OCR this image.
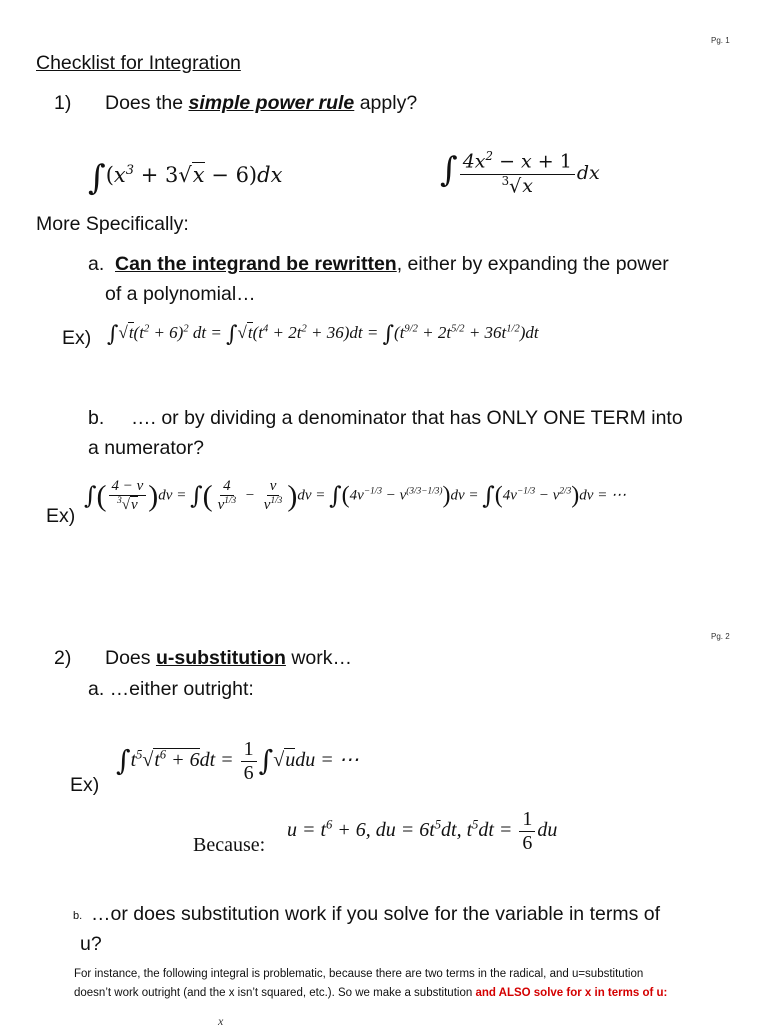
Pg. 1
Checklist for Integration
1) Does the simple power rule apply?
$\int(x^3 + 3√x - 6)dx$	∫ $\frac{4x^2 - x + 1}{^3√x}$ dx
More Specifically:
a. Can the integrand be rewritten, either by expanding the power
of a polynomial…
Ex) $\int√t(t^2 + 6)^2$ dt = $\int√t(t^4 + 2t^2 + 36)dt = \int(t^{9/2} + 2t^{5/2} + 36t^{1/2})dt$
b. …. or by dividing a denominator that has ONLY ONE TERM into
a numerator?
Ex)
∫( $\frac{4 - v}{^3√v} )dv$ = ∫( $\frac{4}{v^{1/3}} - \frac{v}{v^{1/3}} )dv = \int(4v^{-1/3} - v^{(3/3-1/3)})dv = \int(4v^{-1/3} - v^{2/3})dv$ = ⋯
Pg. 2
2) Does u-substitution work…
a. …either outright:
Ex)
$\int t^5√t^6 + 6dt = \frac{1}{6} \int√udu$ = ⋯
Because:
$u = t^6 + 6$, du = $6t^5dt$, $t^5dt = \frac{1}{6}$ du
b. …or does substitution work if you solve for the variable in terms of
u?
For instance, the following integral is problematic, because there are two terms in the radical, and u=substitution
doesn’t work outright (and the x isn’t squared, etc.). So we make a substitution and ALSO solve for x in terms of u:
x
